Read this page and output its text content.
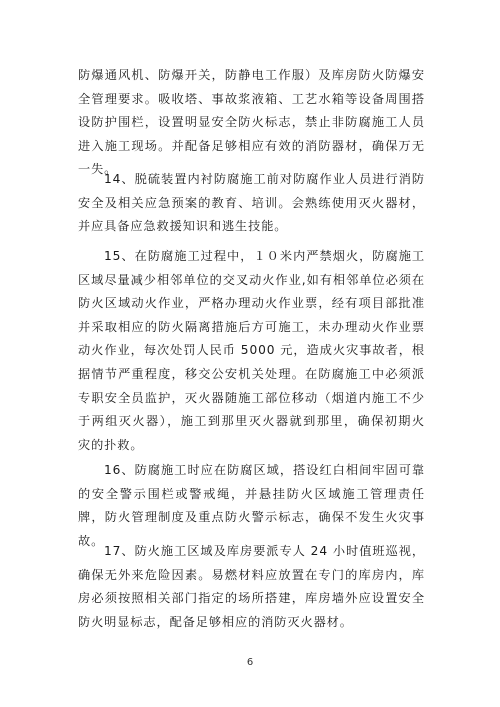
防爆通风机、防爆开关，防静电工作服）及库房防火防爆安全管理要求。吸收塔、事故浆液箱、工艺水箱等设备周围搭设防护围栏，设置明显安全防火标志，禁止非防腐施工人员进入施工现场。并配备足够相应有效的消防器材，确保万无一失。

14、脱硫装置内衬防腐施工前对防腐作业人员进行消防安全及相关应急预案的教育、培训。会熟练使用灭火器材，并应具备应急救援知识和逃生技能。

15、在防腐施工过程中，１０米内严禁烟火，防腐施工区域尽量减少相邻单位的交叉动火作业,如有相邻单位必须在防火区域动火作业，严格办理动火作业票，经有项目部批准并采取相应的防火隔离措施后方可施工，未办理动火作业票动火作业，每次处罚人民币 5000 元，造成火灾事故者，根据情节严重程度，移交公安机关处理。在防腐施工中必须派专职安全员监护，灭火器随施工部位移动（烟道内施工不少于两组灭火器），施工到那里灭火器就到那里，确保初期火灾的扑救。

16、防腐施工时应在防腐区域，搭设红白相间牢固可靠的安全警示围栏或警戒绳，并悬挂防火区域施工管理责任牌，防火管理制度及重点防火警示标志，确保不发生火灾事故。

17、防火施工区域及库房要派专人 24 小时值班巡视，确保无外来危险因素。易燃材料应放置在专门的库房内，库房必须按照相关部门指定的场所搭建，库房墙外应设置安全防火明显标志，配备足够相应的消防灭火器材。

6
